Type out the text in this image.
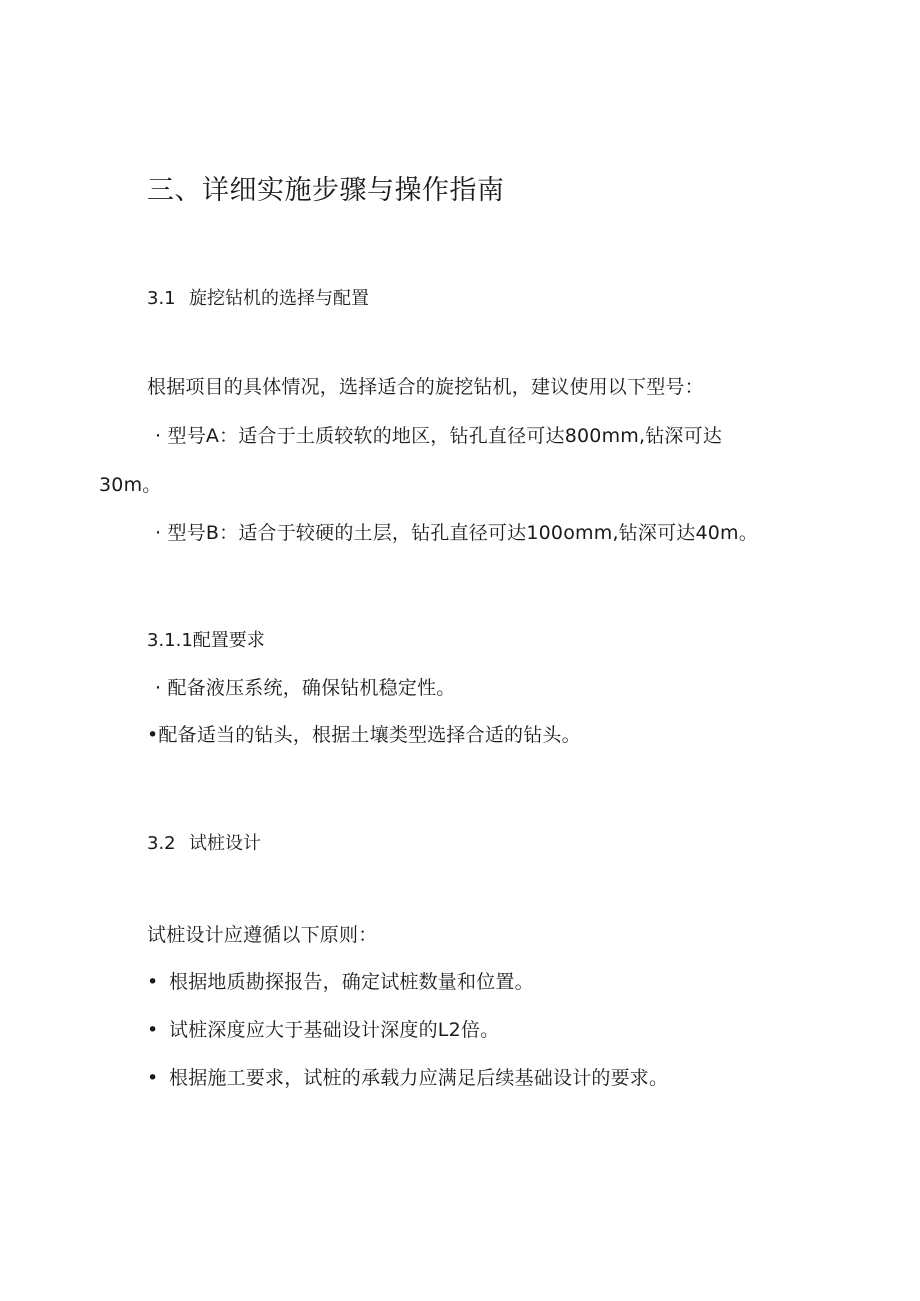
三、详细实施步骤与操作指南
3.1 旋挖钻机的选择与配置

根据项目的具体情况，选择适合的旋挖钻机，建议使用以下型号：

· 型号A：适合于土质较软的地区，钻孔直径可达800mm,钻深可达

30m。

· 型号B：适合于较硬的土层，钻孔直径可达100omm,钻深可达40m。
3.1.1配置要求
· 配备液压系统，确保钻机稳定性。
•配备适当的钻头，根据土壤类型选择合适的钻头。
3.2 试桩设计

试桩设计应遵循以下原则：

• 根据地质勘探报告，确定试桩数量和位置。
• 试桩深度应大于基础设计深度的L2倍。
• 根据施工要求，试桩的承载力应满足后续基础设计的要求。
